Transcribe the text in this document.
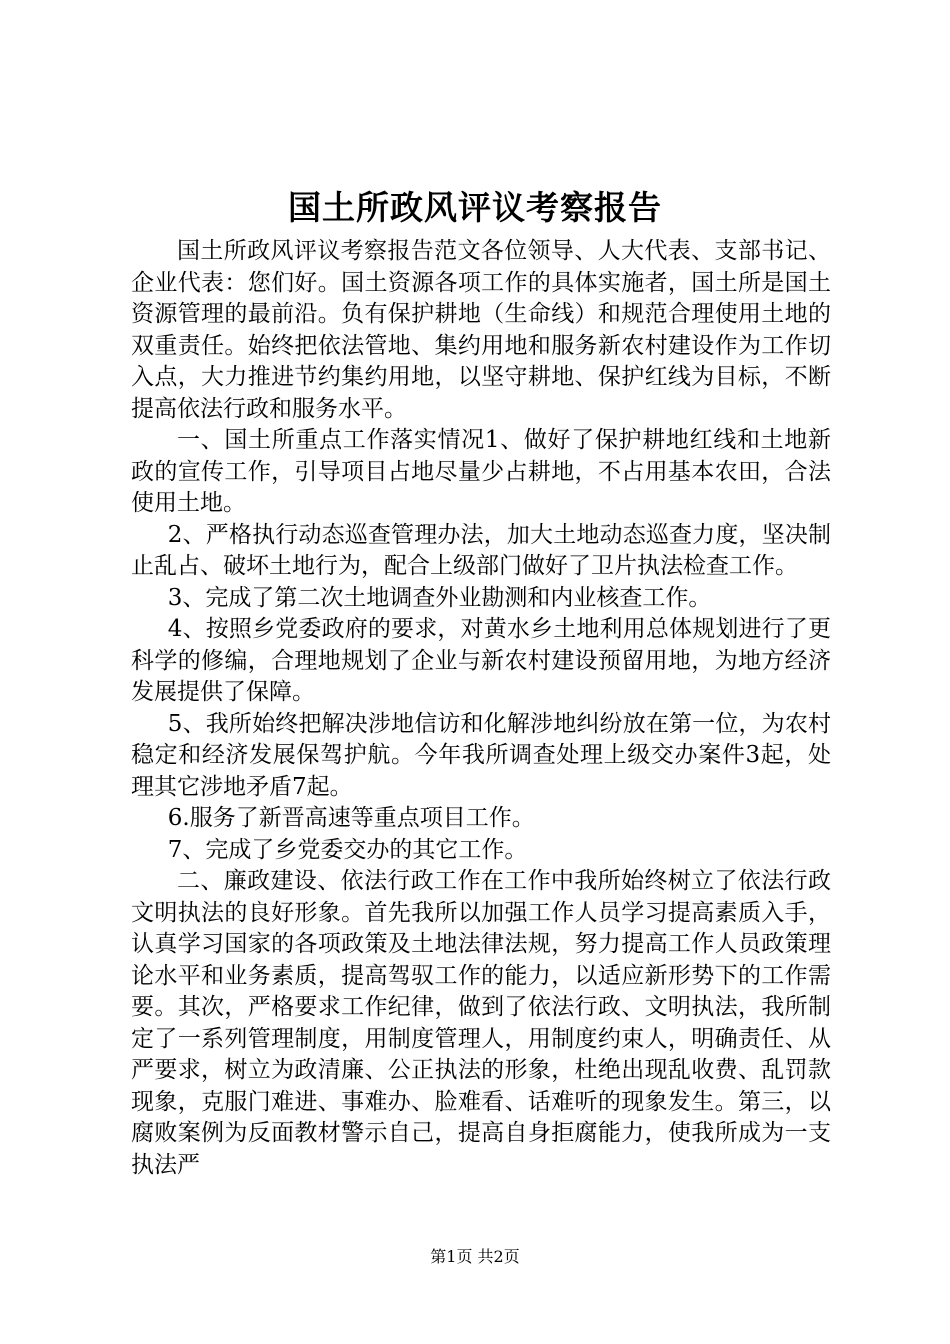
国土所政风评议考察报告

国土所政风评议考察报告范文各位领导、人大代表、支部书记、企业代表：您们好。国土资源各项工作的具体实施者，国土所是国土资源管理的最前沿。负有保护耕地（生命线）和规范合理使用土地的双重责任。始终把依法管地、集约用地和服务新农村建设作为工作切入点，大力推进节约集约用地，以坚守耕地、保护红线为目标，不断提高依法行政和服务水平。

一、国土所重点工作落实情况1、做好了保护耕地红线和土地新政的宣传工作，引导项目占地尽量少占耕地，不占用基本农田，合法使用土地。

2、严格执行动态巡查管理办法，加大土地动态巡查力度，坚决制止乱占、破坏土地行为，配合上级部门做好了卫片执法检查工作。

3、完成了第二次土地调查外业勘测和内业核查工作。

4、按照乡党委政府的要求，对黄水乡土地利用总体规划进行了更科学的修编，合理地规划了企业与新农村建设预留用地，为地方经济发展提供了保障。

5、我所始终把解决涉地信访和化解涉地纠纷放在第一位，为农村稳定和经济发展保驾护航。今年我所调查处理上级交办案件3起，处理其它涉地矛盾7起。

6.服务了新晋高速等重点项目工作。

7、完成了乡党委交办的其它工作。

二、廉政建设、依法行政工作在工作中我所始终树立了依法行政文明执法的良好形象。首先我所以加强工作人员学习提高素质入手，认真学习国家的各项政策及土地法律法规，努力提高工作人员政策理论水平和业务素质，提高驾驭工作的能力，以适应新形势下的工作需要。其次，严格要求工作纪律，做到了依法行政、文明执法，我所制定了一系列管理制度，用制度管理人，用制度约束人，明确责任、从严要求，树立为政清廉、公正执法的形象，杜绝出现乱收费、乱罚款现象，克服门难进、事难办、脸难看、话难听的现象发生。第三，以腐败案例为反面教材警示自己，提高自身拒腐能力，使我所成为一支执法严

第1页 共2页
